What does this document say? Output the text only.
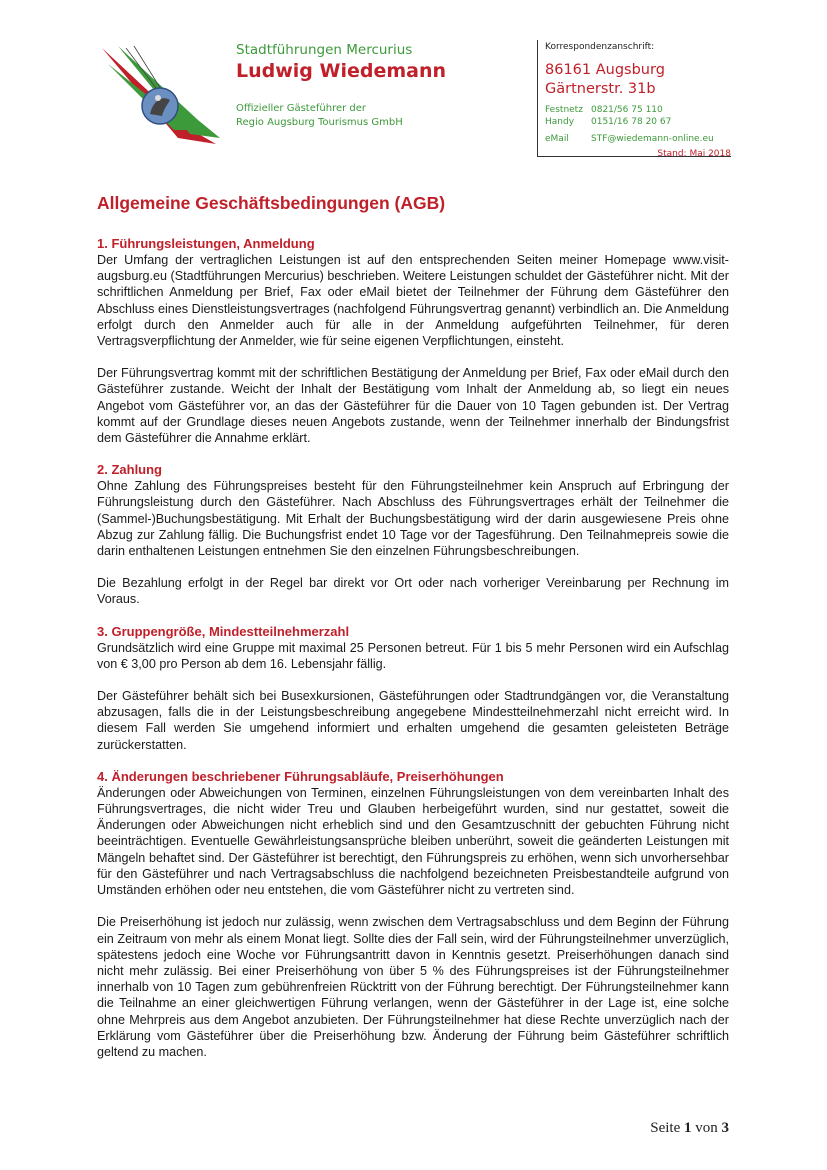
Stadtführungen Mercurius

Ludwig Wiedemann

Offizieller Gästeführer der
Regio Augsburg Tourismus GmbH

Korrespondenzanschrift:

86161 Augsburg

Gärtnerstr. 31b

Festnetz 0821/56 75 110

Handy 0151/16 78 20 67

eMail STF@wiedemann-online.eu

Stand: Mai 2018

Allgemeine Geschäftsbedingungen (AGB)
1. Führungsleistungen, Anmeldung

Der Umfang der vertraglichen Leistungen ist auf den entsprechenden Seiten meiner Homepage www.visit-augsburg.eu (Stadtführungen Mercurius) beschrieben. Weitere Leistungen schuldet der Gästeführer nicht. Mit der schriftlichen Anmeldung per Brief, Fax oder eMail bietet der Teilnehmer der Führung dem Gästeführer den Abschluss eines Dienstleistungsvertrages (nachfolgend Führungsvertrag genannt) verbindlich an. Die Anmeldung erfolgt durch den Anmelder auch für alle in der Anmeldung aufgeführten Teilnehmer, für deren Vertragsverpflichtung der Anmelder, wie für seine eigenen Verpflichtungen, einsteht.

Der Führungsvertrag kommt mit der schriftlichen Bestätigung der Anmeldung per Brief, Fax oder eMail durch den Gästeführer zustande. Weicht der Inhalt der Bestätigung vom Inhalt der Anmeldung ab, so liegt ein neues Angebot vom Gästeführer vor, an das der Gästeführer für die Dauer von 10 Tagen gebunden ist. Der Vertrag kommt auf der Grundlage dieses neuen Angebots zustande, wenn der Teilnehmer innerhalb der Bindungsfrist dem Gästeführer die Annahme erklärt.

2. Zahlung

Ohne Zahlung des Führungspreises besteht für den Führungsteilnehmer kein Anspruch auf Erbringung der Führungsleistung durch den Gästeführer. Nach Abschluss des Führungsvertrages erhält der Teilnehmer die (Sammel-)Buchungsbestätigung. Mit Erhalt der Buchungsbestätigung wird der darin ausgewiesene Preis ohne Abzug zur Zahlung fällig. Die Buchungsfrist endet 10 Tage vor der Tagesführung. Den Teilnahmepreis sowie die darin enthaltenen Leistungen entnehmen Sie den einzelnen Führungsbeschreibungen.

Die Bezahlung erfolgt in der Regel bar direkt vor Ort oder nach vorheriger Vereinbarung per Rechnung im Voraus.

3. Gruppengröße, Mindestteilnehmerzahl

Grundsätzlich wird eine Gruppe mit maximal 25 Personen betreut. Für 1 bis 5 mehr Personen wird ein Aufschlag von € 3,00 pro Person ab dem 16. Lebensjahr fällig.

Der Gästeführer behält sich bei Busexkursionen, Gästeführungen oder Stadtrundgängen vor, die Veranstaltung abzusagen, falls die in der Leistungsbeschreibung angegebene Mindestteilnehmerzahl nicht erreicht wird. In diesem Fall werden Sie umgehend informiert und erhalten umgehend die gesamten geleisteten Beträge zurückerstatten.

4. Änderungen beschriebener Führungsabläufe, Preiserhöhungen

Änderungen oder Abweichungen von Terminen, einzelnen Führungsleistungen von dem vereinbarten Inhalt des Führungsvertrages, die nicht wider Treu und Glauben herbeigeführt wurden, sind nur gestattet, soweit die Änderungen oder Abweichungen nicht erheblich sind und den Gesamtzuschnitt der gebuchten Führung nicht beeinträchtigen. Eventuelle Gewährleistungsansprüche bleiben unberührt, soweit die geänderten Leistungen mit Mängeln behaftet sind. Der Gästeführer ist berechtigt, den Führungspreis zu erhöhen, wenn sich unvorhersehbar für den Gästeführer und nach Vertragsabschluss die nachfolgend bezeichneten Preisbestandteile aufgrund von Umständen erhöhen oder neu entstehen, die vom Gästeführer nicht zu vertreten sind.

Die Preiserhöhung ist jedoch nur zulässig, wenn zwischen dem Vertragsabschluss und dem Beginn der Führung ein Zeitraum von mehr als einem Monat liegt. Sollte dies der Fall sein, wird der Führungsteilnehmer unverzüglich, spätestens jedoch eine Woche vor Führungsantritt davon in Kenntnis gesetzt. Preiserhöhungen danach sind nicht mehr zulässig. Bei einer Preiserhöhung von über 5 % des Führungspreises ist der Führungsteilnehmer innerhalb von 10 Tagen zum gebührenfreien Rücktritt von der Führung berechtigt. Der Führungsteilnehmer kann die Teilnahme an einer gleichwertigen Führung verlangen, wenn der Gästeführer in der Lage ist, eine solche ohne Mehrpreis aus dem Angebot anzubieten. Der Führungsteilnehmer hat diese Rechte unverzüglich nach der Erklärung vom Gästeführer über die Preiserhöhung bzw. Änderung der Führung beim Gästeführer schriftlich geltend zu machen.

Seite 1 von 3
